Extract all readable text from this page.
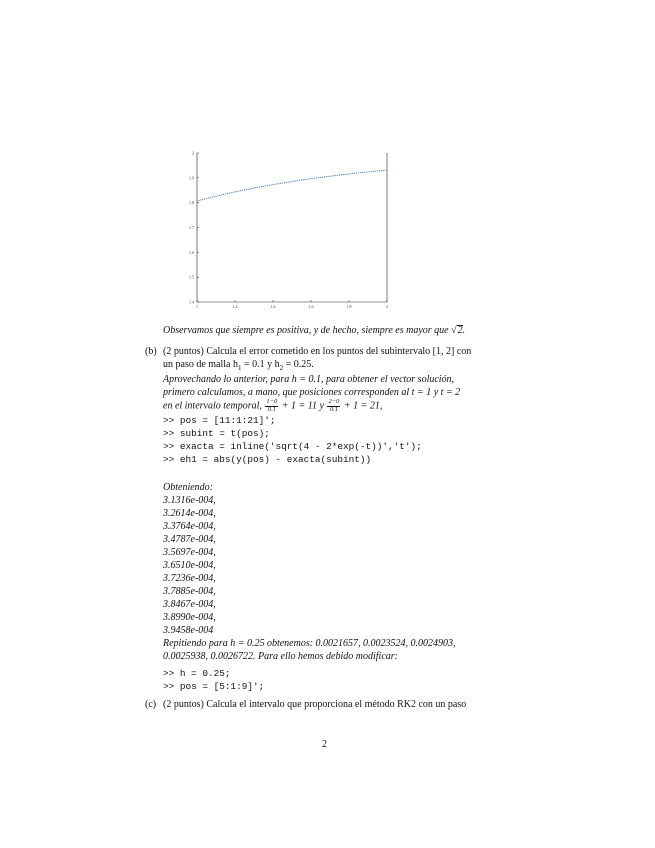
1	1.2	1.4	1.6	1.8	2
1.4
1.5
1.6
1.7
1.8
1.9
2
Observamos que siempre es positiva, y de hecho, siempre es mayor que √2.
(b) (2 puntos) Calcula el error cometido en los puntos del subintervalo [1, 2] con
un paso de malla $h_1 = 0.1$ y $h_2 = 0.25$.
Aprovechando lo anterior, para h = 0.1, para obtener el vector solución,
primero calculamos, a mano, que posiciones corresponden al t = 1 y t = 2
en el intervalo temporal, $\frac{1-0}{0.1} + 1 = 11$ y $\frac{2-0}{0.1} + 1 = 21$,
>> pos = [11:1:21]';
>> subint = t(pos);
>> exacta = inline('sqrt(4 - 2*exp(-t))','t');
>> eh1 = abs(y(pos) - exacta(subint))
Obteniendo:
3.1316e-004,
3.2614e-004,
3.3764e-004,
3.4787e-004,
3.5697e-004,
3.6510e-004,
3.7236e-004,
3.7885e-004,
3.8467e-004,
3.8990e-004,
3.9458e-004
Repitiendo para h = 0.25 obtenemos: 0.0021657, 0.0023524, 0.0024903,
0.0025938, 0.0026722. Para ello hemos debido modificar:
>> h = 0.25;
>> pos = [5:1:9]';
(c) (2 puntos) Calcula el intervalo que proporciona el método RK2 con un paso
2
